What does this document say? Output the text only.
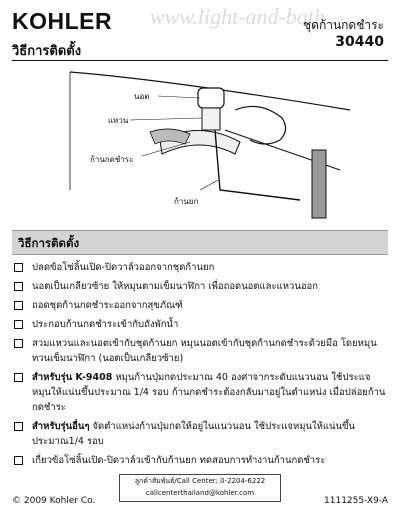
www.light-and-bath
KOHLER	ชุดก้านกดชำระ
30440
วิธีการติดตั้ง
นอต
แหวน
ก้านกดชำระ
ก้านยก
วิธีการติดตั้ง
ปลดข้อโซ่ลิ้นเปิด-ปิดวาล์วออกจากชุดก้านยก
นอตเป็นเกลียวซ้าย ให้หมุนตามเข็มนาฬิกา เพื่อถอดนอตและแหวนออก
ถอดชุดก้านกดชำระออกจากสุขภัณฑ์
ประกอบก้านกดชำระเข้ากับถังพักน้ำ
สวมแหวนและนอตเข้ากับชุดก้านยก หมุนนอตเข้ากับชุดก้านกดชำระด้วยมือ โดยหมุนทวนเข็มนาฬิกา (นอตเป็นเกลียวซ้าย)
สำหรับรุ่น K-9408 หมุนก้านปุ่มกดประมาณ 40 องศาจากระดับแนวนอน ใช้ประแจหมุนให้แน่นขึ้นประมาณ 1/4 รอบ ก้านกดชำระต้องกลับมาอยู่ในตำแหน่ง เมื่อปล่อยก้านกดชำระ
สำหรับรุ่นอื่นๆ จัดตำแหน่งก้านปุ่มกดให้อยู่ในแนวนอน ใช้ประแจหมุนให้แน่นขึ้นประมาณ1/4 รอบ
เกี่ยวข้อโซ่ลิ้นเปิด-ปิดวาล์วเข้ากับก้านยก ทดสอบการทำงานก้านกดชำระ
ลูกค้าสัมพันธ์/Call Center: 0-2204-6222
callcenterthailand@kohler.com
© 2009 Kohler Co.	1111255-X9-A
